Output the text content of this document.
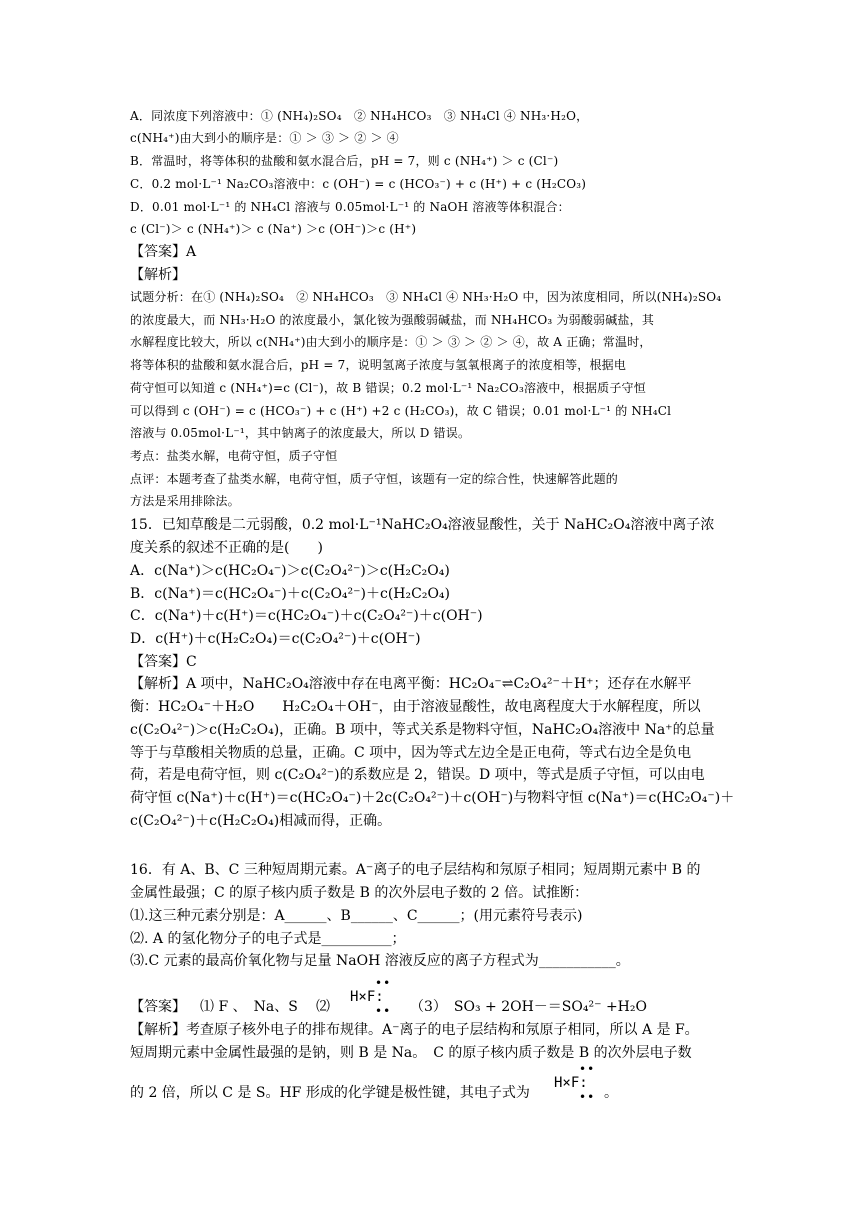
A．同浓度下列溶液中：① (NH₄)₂SO₄　② NH₄HCO₃　③ NH₄Cl ④ NH₃·H₂O，
c(NH₄⁺)由大到小的顺序是：① ＞ ③ ＞ ② ＞ ④
B．常温时，将等体积的盐酸和氨水混合后，pH = 7，则 c (NH₄⁺) ＞ c (Cl⁻)
C．0.2 mol·L⁻¹ Na₂CO₃溶液中：c (OH⁻) = c (HCO₃⁻) + c (H⁺) + c (H₂CO₃)
D．0.01 mol·L⁻¹ 的 NH₄Cl 溶液与 0.05mol·L⁻¹ 的 NaOH 溶液等体积混合：
c (Cl⁻)＞ c (NH₄⁺)＞ c (Na⁺) ＞c (OH⁻)＞c (H⁺)
【答案】A
【解析】
试题分析：在① (NH₄)₂SO₄　② NH₄HCO₃　③ NH₄Cl ④ NH₃·H₂O 中，因为浓度相同，所以(NH₄)₂SO₄
的浓度最大，而 NH₃·H₂O 的浓度最小，氯化铵为强酸弱碱盐，而 NH₄HCO₃ 为弱酸弱碱盐，其
水解程度比较大，所以 c(NH₄⁺)由大到小的顺序是：① ＞ ③ ＞ ② ＞ ④，故 A 正确；常温时，
将等体积的盐酸和氨水混合后，pH = 7，说明氢离子浓度与氢氧根离子的浓度相等，根据电
荷守恒可以知道 c (NH₄⁺)=c (Cl⁻)，故 B 错误；0.2 mol·L⁻¹ Na₂CO₃溶液中，根据质子守恒
可以得到 c (OH⁻) = c (HCO₃⁻) + c (H⁺) +2 c (H₂CO₃)，故 C 错误；0.01 mol·L⁻¹ 的 NH₄Cl
溶液与 0.05mol·L⁻¹，其中钠离子的浓度最大，所以 D 错误。
考点：盐类水解，电荷守恒，质子守恒
点评：本题考查了盐类水解，电荷守恒，质子守恒，该题有一定的综合性，快速解答此题的
方法是采用排除法。
15．已知草酸是二元弱酸，0.2 mol·L⁻¹NaHC₂O₄溶液显酸性，关于 NaHC₂O₄溶液中离子浓
度关系的叙述不正确的是(　　)
A．c(Na⁺)＞c(HC₂O₄⁻)＞c(C₂O₄²⁻)＞c(H₂C₂O₄)
B．c(Na⁺)＝c(HC₂O₄⁻)＋c(C₂O₄²⁻)＋c(H₂C₂O₄)
C．c(Na⁺)＋c(H⁺)＝c(HC₂O₄⁻)＋c(C₂O₄²⁻)＋c(OH⁻)
D．c(H⁺)＋c(H₂C₂O₄)＝c(C₂O₄²⁻)＋c(OH⁻)
【答案】C
【解析】A 项中，NaHC₂O₄溶液中存在电离平衡：HC₂O₄⁻⇌C₂O₄²⁻＋H⁺；还存在水解平
衡：HC₂O₄⁻＋H₂O　　H₂C₂O₄＋OH⁻，由于溶液显酸性，故电离程度大于水解程度，所以
c(C₂O₄²⁻)＞c(H₂C₂O₄)，正确。B 项中，等式关系是物料守恒，NaHC₂O₄溶液中 Na⁺的总量
等于与草酸相关物质的总量，正确。C 项中，因为等式左边全是正电荷，等式右边全是负电
荷，若是电荷守恒，则 c(C₂O₄²⁻)的系数应是 2，错误。D 项中，等式是质子守恒，可以由电
荷守恒 c(Na⁺)＋c(H⁺)＝c(HC₂O₄⁻)＋2c(C₂O₄²⁻)＋c(OH⁻)与物料守恒 c(Na⁺)＝c(HC₂O₄⁻)＋
c(C₂O₄²⁻)＋c(H₂C₂O₄)相减而得，正确。
16．有 A、B、C 三种短周期元素。A⁻离子的电子层结构和氖原子相同；短周期元素中 B 的
金属性最强；C 的原子核内质子数是 B 的次外层电子数的 2 倍。试推断：
⑴.这三种元素分别是：A______、B______、C______；(用元素符号表示)
⑵. A 的氢化物分子的电子式是__________；
⑶.C 元素的最高价氧化物与足量 NaOH 溶液反应的离子方程式为___________。
【答案】 ⑴ F 、　Na、S ⑵
••
H×F:
•• （3）　SO₃ + 2OH－＝SO₄²⁻ +H₂O
【解析】考查原子核外电子的排布规律。A⁻离子的电子层结构和氖原子相同，所以 A 是 F。
短周期元素中金属性最强的是钠，则 B 是 Na。　C 的原子核内质子数是 B 的次外层电子数
的 2 倍，所以 C 是 S。HF 形成的化学键是极性键，其电子式为
••
H×F:
•• 。
